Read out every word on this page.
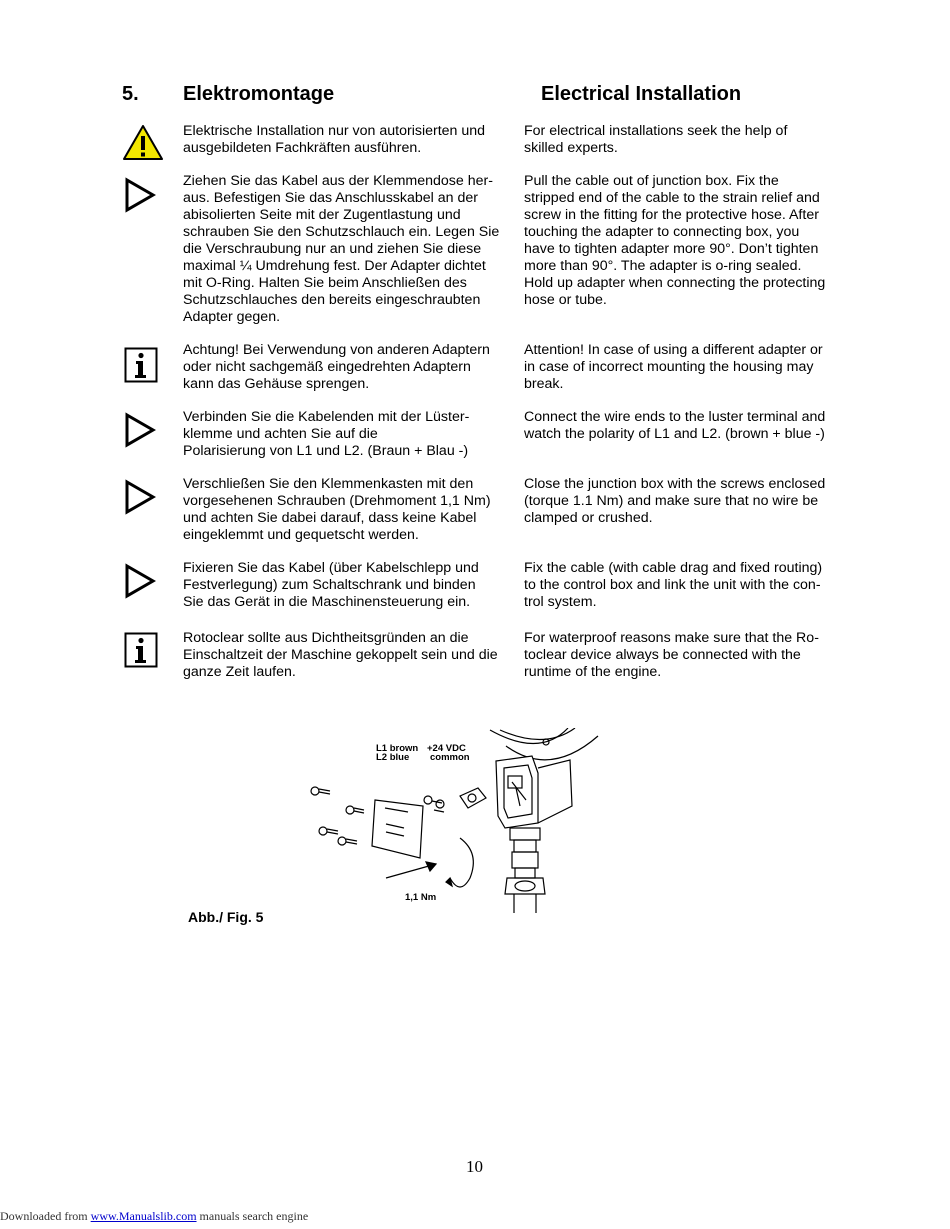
5. Elektromontage	Electrical Installation
Elektrische Installation nur von autorisierten und
ausgebildeten Fachkräften ausführen.
For electrical installations seek the help of
skilled experts.
Ziehen Sie das Kabel aus der Klemmendose her-
aus. Befestigen Sie das Anschlusskabel an der
abisolierten Seite mit der Zugentlastung und
schrauben Sie den Schutzschlauch ein. Legen Sie
die Verschraubung nur an und ziehen Sie diese
maximal ¼ Umdrehung fest. Der Adapter dichtet
mit O-Ring. Halten Sie beim Anschließen des
Schutzschlauches den bereits eingeschraubten
Adapter gegen.
Pull the cable out of junction box. Fix the
stripped end of the cable to the strain relief and
screw in the fitting for the protective hose. After
touching the adapter to connecting box, you
have to tighten adapter more 90°. Don’t tighten
more than 90°. The adapter is o-ring sealed.
Hold up adapter when connecting the protecting
hose or tube.
Achtung! Bei Verwendung von anderen Adaptern
oder nicht sachgemäß eingedrehten Adaptern
kann das Gehäuse sprengen.
Attention! In case of using a different adapter or
in case of incorrect mounting the housing may
break.
Verbinden Sie die Kabelenden mit der Lüster-
klemme und achten Sie auf die
Polarisierung von L1 und L2. (Braun + Blau -)
Connect the wire ends to the luster terminal and
watch the polarity of L1 and L2. (brown + blue -)
Verschließen Sie den Klemmenkasten mit den
vorgesehenen Schrauben (Drehmoment 1,1 Nm)
und achten Sie dabei darauf, dass keine Kabel
eingeklemmt und gequetscht werden.
Close the junction box with the screws enclosed
(torque 1.1 Nm) and make sure that no wire be
clamped or crushed.
Fixieren Sie das Kabel (über Kabelschlepp und
Festverlegung) zum Schaltschrank und binden
Sie das Gerät in die Maschinensteuerung ein.
Fix the cable (with cable drag and fixed routing)
to the control box and link the unit with the con-
trol system.
Rotoclear sollte aus Dichtheitsgründen an die
Einschaltzeit der Maschine gekoppelt sein und die
ganze Zeit laufen.
For waterproof reasons make sure that the Ro-
toclear device always be connected with the
runtime of the engine.
L1 brown
L2 blue
+24 VDC
common
1,1 Nm
Abb./ Fig. 5
10
Downloaded from www.Manualslib.com manuals search engine
